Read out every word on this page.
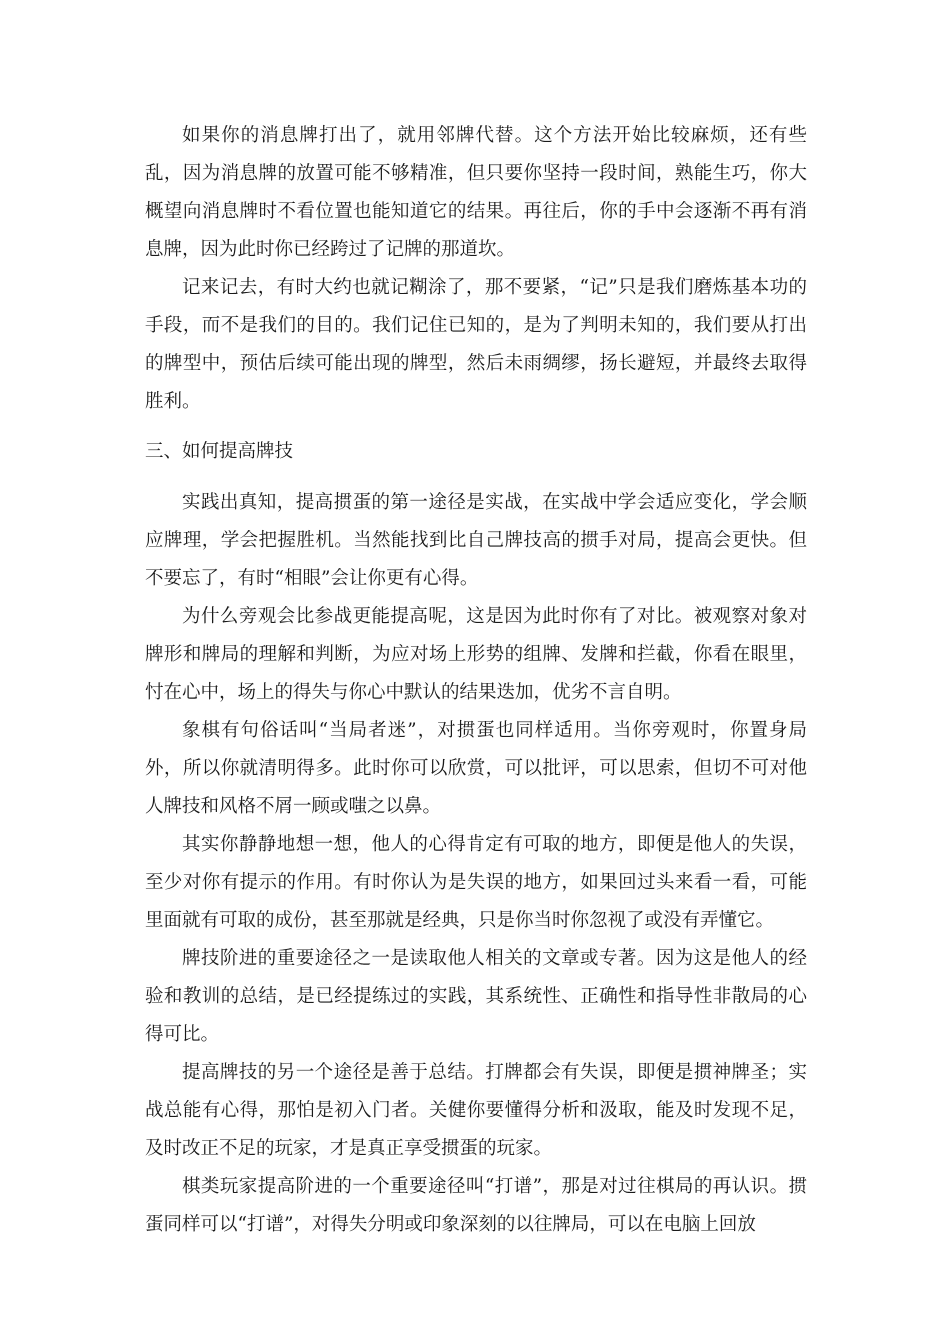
如果你的消息牌打出了，就用邻牌代替。这个方法开始比较麻烦，还有些乱，因为消息牌的放置可能不够精准，但只要你坚持一段时间，熟能生巧，你大概望向消息牌时不看位置也能知道它的结果。再往后，你的手中会逐渐不再有消息牌，因为此时你已经跨过了记牌的那道坎。

记来记去，有时大约也就记糊涂了，那不要紧，“记”只是我们磨炼基本功的手段，而不是我们的目的。我们记住已知的，是为了判明未知的，我们要从打出的牌型中，预估后续可能出现的牌型，然后未雨绸缪，扬长避短，并最终去取得胜利。

三、如何提高牌技

实践出真知，提高掼蛋的第一途径是实战，在实战中学会适应变化，学会顺应牌理，学会把握胜机。当然能找到比自己牌技高的掼手对局，提高会更快。但不要忘了，有时“相眼”会让你更有心得。

为什么旁观会比参战更能提高呢，这是因为此时你有了对比。被观察对象对牌形和牌局的理解和判断，为应对场上形势的组牌、发牌和拦截，你看在眼里，忖在心中，场上的得失与你心中默认的结果迭加，优劣不言自明。

象棋有句俗话叫“当局者迷”，对掼蛋也同样适用。当你旁观时，你置身局外，所以你就清明得多。此时你可以欣赏，可以批评，可以思索，但切不可对他人牌技和风格不屑一顾或嗤之以鼻。

其实你静静地想一想，他人的心得肯定有可取的地方，即便是他人的失误，至少对你有提示的作用。有时你认为是失误的地方，如果回过头来看一看，可能里面就有可取的成份，甚至那就是经典，只是你当时你忽视了或没有弄懂它。

牌技阶进的重要途径之一是读取他人相关的文章或专著。因为这是他人的经验和教训的总结，是已经提练过的实践，其系统性、正确性和指导性非散局的心得可比。

提高牌技的另一个途径是善于总结。打牌都会有失误，即便是掼神牌圣；实战总能有心得，那怕是初入门者。关健你要懂得分析和汲取，能及时发现不足，及时改正不足的玩家，才是真正享受掼蛋的玩家。

棋类玩家提高阶进的一个重要途径叫“打谱”，那是对过往棋局的再认识。掼蛋同样可以“打谱”，对得失分明或印象深刻的以往牌局，可以在电脑上回放
